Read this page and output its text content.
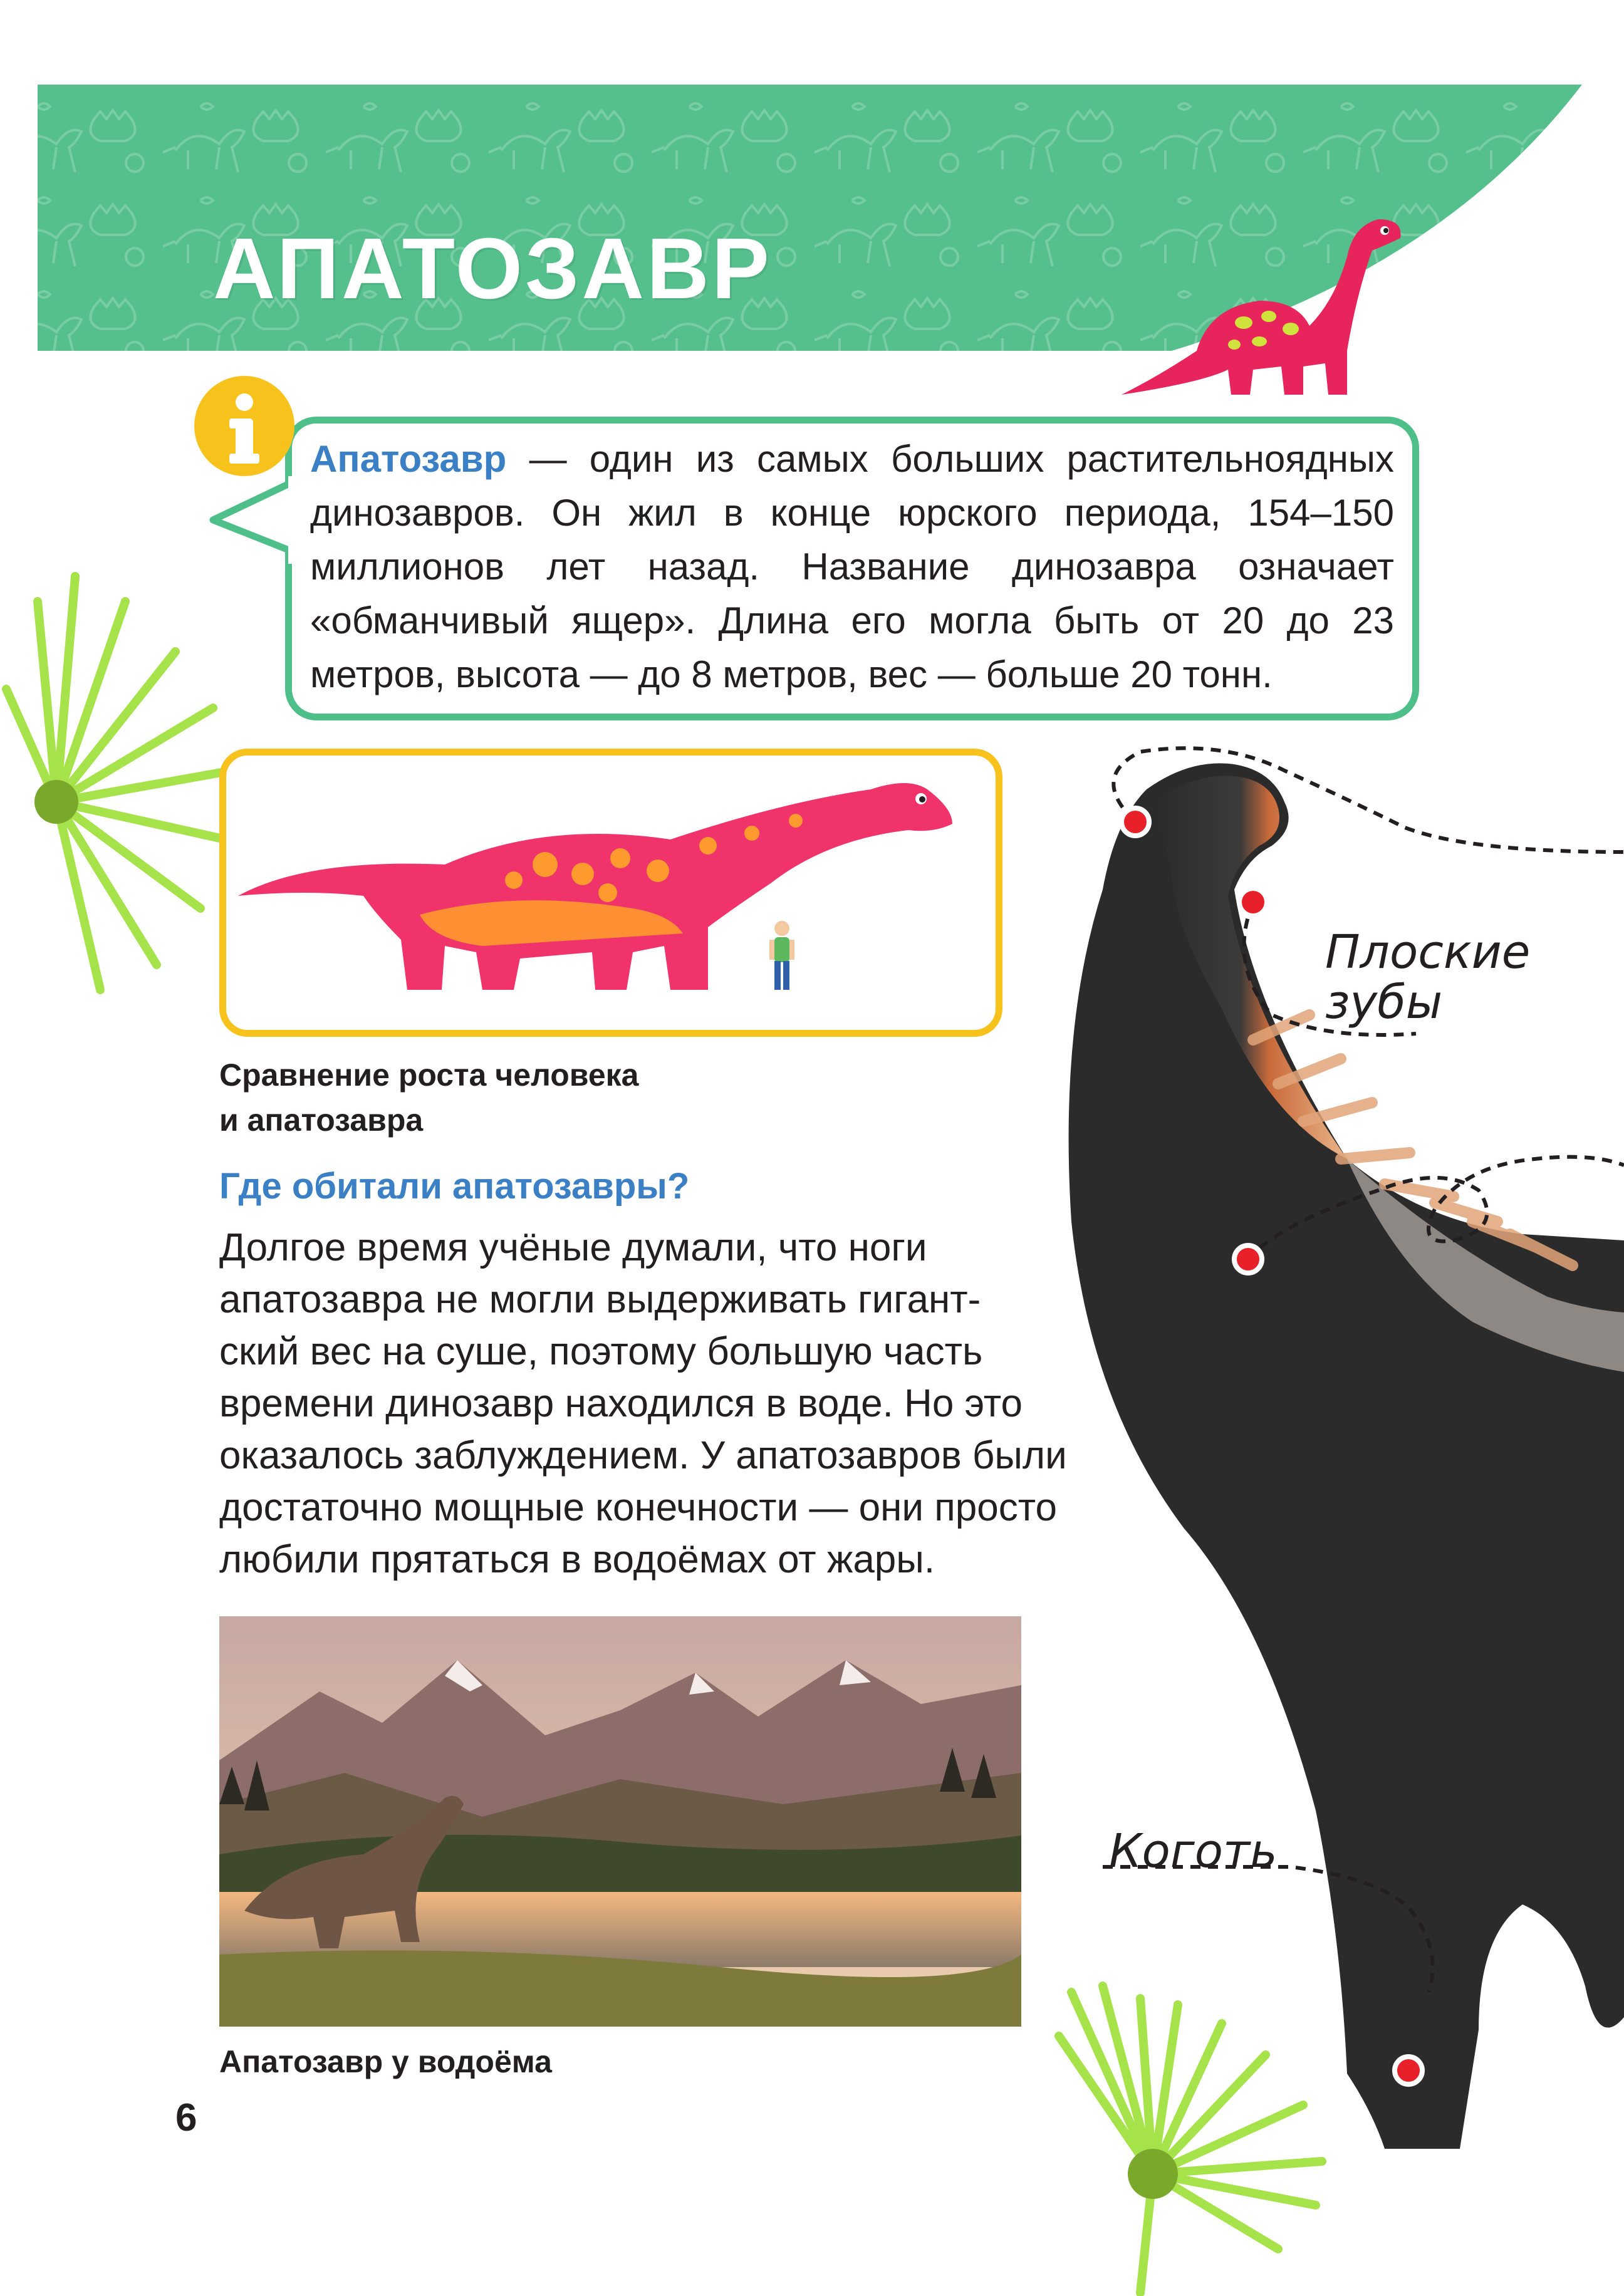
АПАТОЗАВР
Апатозавр — один из самых больших растительноядных динозавров. Он жил в конце юрского периода, 154–150 миллионов лет назад. Название динозавра означает «обманчивый ящер». Длина его могла быть от 20 до 23 метров, высота — до 8 метров, вес — больше 20 тонн.
Сравнение роста человека
и апатозавра
Где обитали апатозавры?
Долгое время учёные думали, что ноги
апатозавра не могли выдерживать гигант-
ский вес на суше, поэтому большую часть
времени динозавр находился в воде. Но это
оказалось заблуждением. У апатозавров были
достаточно мощные конечности — они просто
любили прятаться в водоёмах от жары.
Апатозавр у водоёма
6
Плоские
зубы
Коготь
